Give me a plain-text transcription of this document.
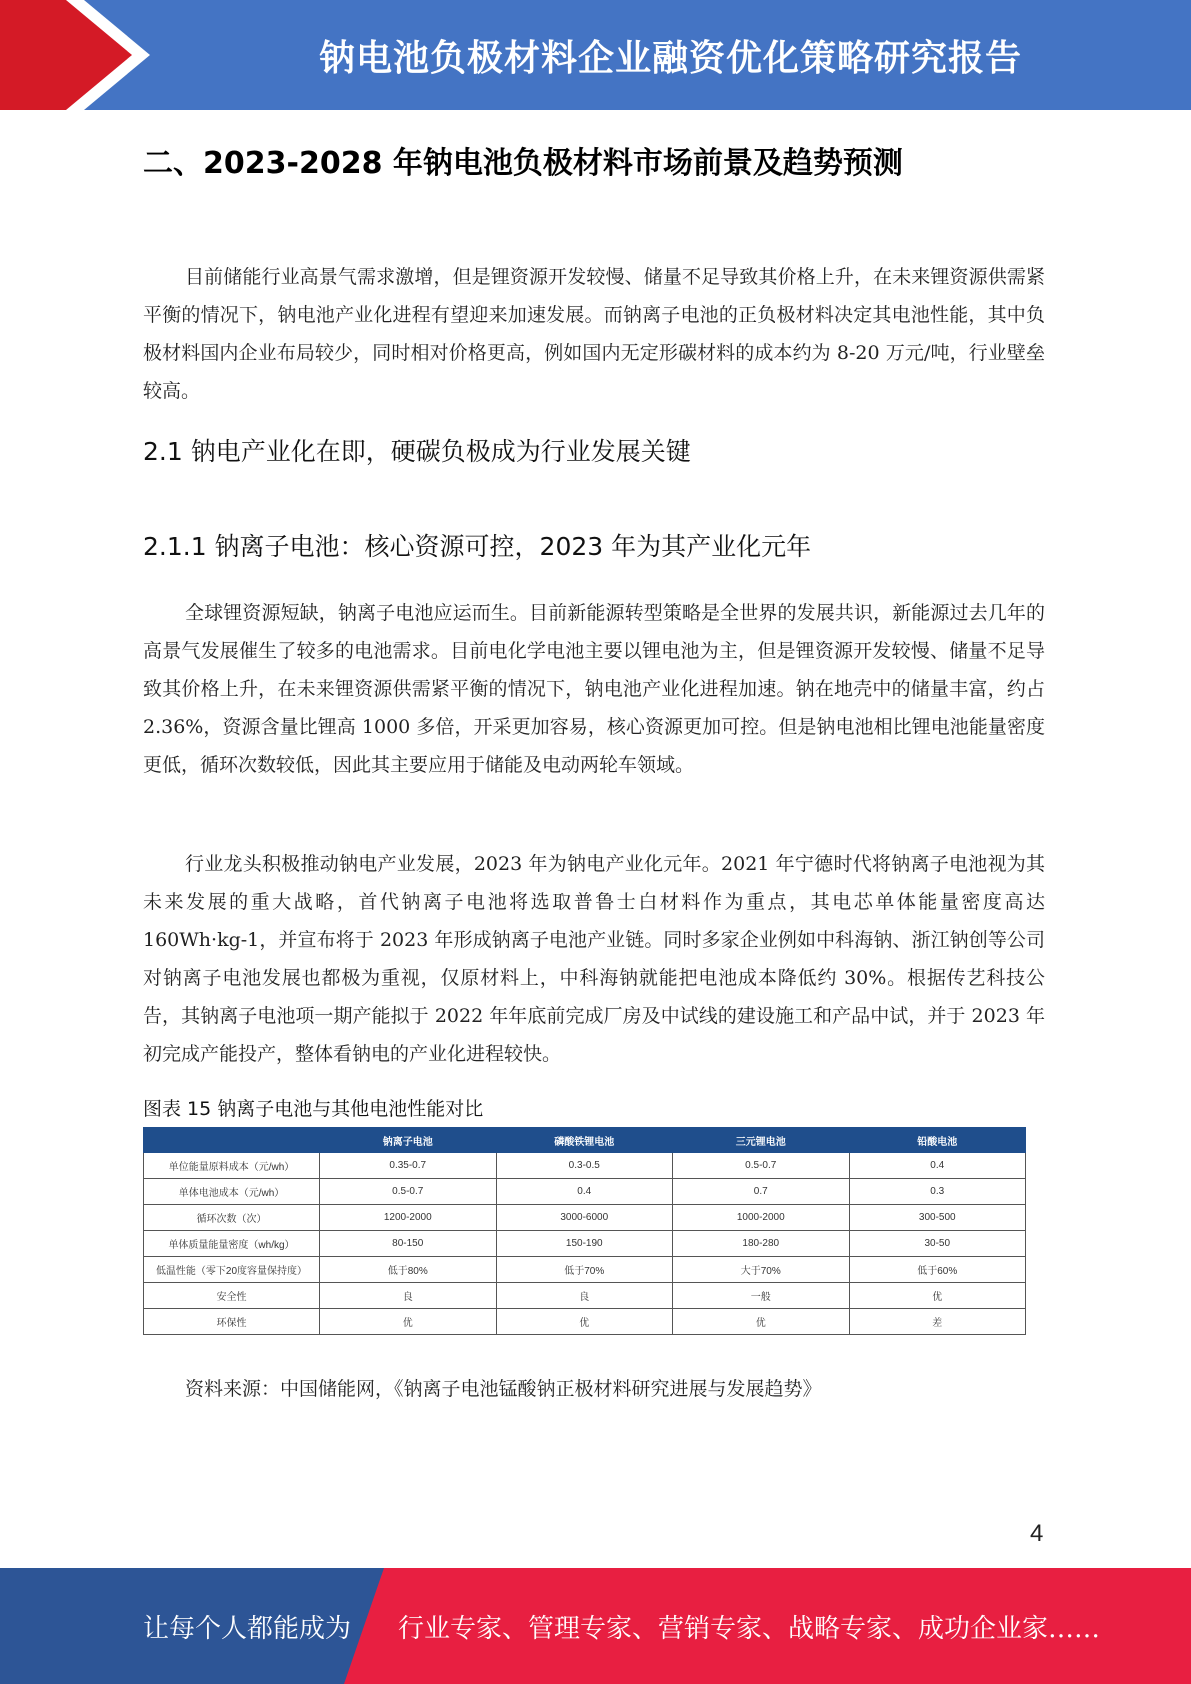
钠电池负极材料企业融资优化策略研究报告
二、2023-2028 年钠电池负极材料市场前景及趋势预测

目前储能行业高景气需求激增，但是锂资源开发较慢、储量不足导致其价格上升，在未来锂资源供需紧平衡的情况下，钠电池产业化进程有望迎来加速发展。而钠离子电池的正负极材料决定其电池性能，其中负极材料国内企业布局较少，同时相对价格更高，例如国内无定形碳材料的成本约为 8-20 万元/吨，行业壁垒较高。

2.1 钠电产业化在即，硬碳负极成为行业发展关键
2.1.1 钠离子电池：核心资源可控，2023 年为其产业化元年

全球锂资源短缺，钠离子电池应运而生。目前新能源转型策略是全世界的发展共识，新能源过去几年的高景气发展催生了较多的电池需求。目前电化学电池主要以锂电池为主，但是锂资源开发较慢、储量不足导致其价格上升，在未来锂资源供需紧平衡的情况下，钠电池产业化进程加速。钠在地壳中的储量丰富，约占 2.36%，资源含量比锂高 1000 多倍，开采更加容易，核心资源更加可控。但是钠电池相比锂电池能量密度更低，循环次数较低，因此其主要应用于储能及电动两轮车领域。

行业龙头积极推动钠电产业发展，2023 年为钠电产业化元年。2021 年宁德时代将钠离子电池视为其未来发展的重大战略，首代钠离子电池将选取普鲁士白材料作为重点，其电芯单体能量密度高达 160Wh·kg-1，并宣布将于 2023 年形成钠离子电池产业链。同时多家企业例如中科海钠、浙江钠创等公司对钠离子电池发展也都极为重视，仅原材料上，中科海钠就能把电池成本降低约 30%。根据传艺科技公告，其钠离子电池项一期产能拟于 2022 年年底前完成厂房及中试线的建设施工和产品中试，并于 2023 年初完成产能投产，整体看钠电的产业化进程较快。

图表 15 钠离子电池与其他电池性能对比
	钠离子电池	磷酸铁锂电池	三元锂电池	铅酸电池
单位能量原料成本（元/wh）	0.35-0.7	0.3-0.5	0.5-0.7	0.4
单体电池成本（元/wh）	0.5-0.7	0.4	0.7	0.3
循环次数（次）	1200-2000	3000-6000	1000-2000	300-500
单体质量能量密度（wh/kg）	80-150	150-190	180-280	30-50
低温性能（零下20度容量保持度）	低于80%	低于70%	大于70%	低于60%
安全性	良	良	一般	优
环保性	优	优	优	差
资料来源：中国储能网，《钠离子电池锰酸钠正极材料研究进展与发展趋势》
4
让每个人都能成为 行业专家、管理专家、营销专家、战略专家、成功企业家……
